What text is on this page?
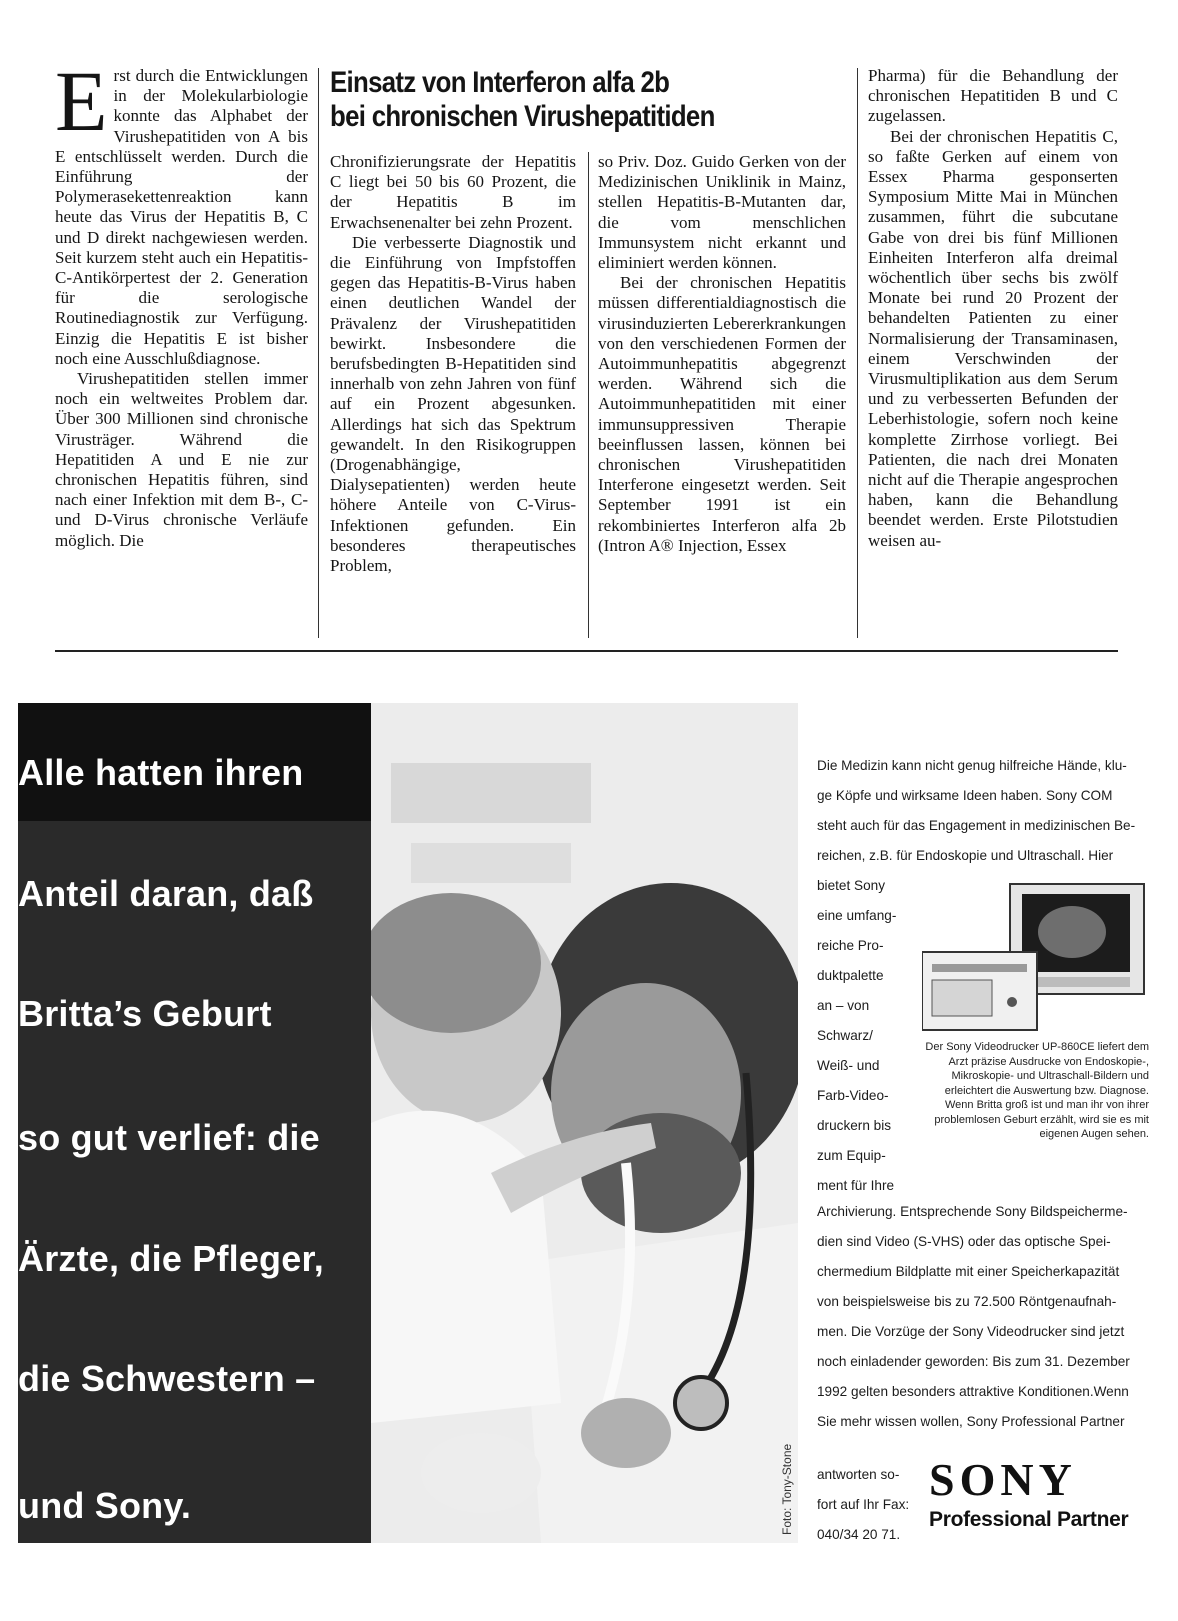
Erst durch die Entwicklungen in der Molekularbiologie konnte das Alphabet der Virushepatitiden von A bis E entschlüsselt werden. Durch die Einführung der Polymerasekettenreaktion kann heute das Virus der Hepatitis B, C und D direkt nachgewiesen werden. Seit kurzem steht auch ein Hepatitis-C-Antikörpertest der 2. Generation für die serologische Routinediagnostik zur Verfügung. Einzig die Hepatitis E ist bisher noch eine Ausschlußdiagnose.

Virushepatitiden stellen immer noch ein weltweites Problem dar. Über 300 Millionen sind chronische Virusträger. Während die Hepatitiden A und E nie zur chronischen Hepatitis führen, sind nach einer Infektion mit dem B-, C- und D-Virus chronische Verläufe möglich. Die

Einsatz von Interferon alfa 2b
bei chronischen Virushepatitiden

Chronifizierungsrate der Hepatitis C liegt bei 50 bis 60 Prozent, die der Hepatitis B im Erwachsenenalter bei zehn Prozent.

Die verbesserte Diagnostik und die Einführung von Impfstoffen gegen das Hepatitis-B-Virus haben einen deutlichen Wandel der Prävalenz der Virushepatitiden bewirkt. Insbesondere die berufsbedingten B-Hepatitiden sind innerhalb von zehn Jahren von fünf auf ein Prozent abgesunken. Allerdings hat sich das Spektrum gewandelt. In den Risikogruppen (Drogenabhängige, Dialysepatienten) werden heute höhere Anteile von C-Virus-Infektionen gefunden. Ein besonderes therapeutisches Problem,

so Priv. Doz. Guido Gerken von der Medizinischen Uniklinik in Mainz, stellen Hepatitis-B-Mutanten dar, die vom menschlichen Immunsystem nicht erkannt und eliminiert werden können.

Bei der chronischen Hepatitis müssen differentialdiagnostisch die virusinduzierten Lebererkrankungen von den verschiedenen Formen der Autoimmunhepatitis abgegrenzt werden. Während sich die Autoimmunhepatitiden mit einer immunsuppressiven Therapie beeinflussen lassen, können bei chronischen Virushepatitiden Interferone eingesetzt werden. Seit September 1991 ist ein rekombiniertes Interferon alfa 2b (Intron A® Injection, Essex

Pharma) für die Behandlung der chronischen Hepatitiden B und C zugelassen.

Bei der chronischen Hepatitis C, so faßte Gerken auf einem von Essex Pharma gesponserten Symposium Mitte Mai in München zusammen, führt die subcutane Gabe von drei bis fünf Millionen Einheiten Interferon alfa dreimal wöchentlich über sechs bis zwölf Monate bei rund 20 Prozent der behandelten Patienten zu einer Normalisierung der Transaminasen, einem Verschwinden der Virusmultiplikation aus dem Serum und zu verbesserten Befunden der Leberhistologie, sofern noch keine komplette Zirrhose vorliegt. Bei Patienten, die nach drei Monaten nicht auf die Therapie angesprochen haben, kann die Behandlung beendet werden. Erste Pilotstudien weisen au-

Alle hatten ihren
Anteil daran, daß
Britta’s Geburt
so gut verlief: die
Ärzte, die Pfleger,
die Schwestern –
und Sony.	Foto: Tony-Stone
Die Medizin kann nicht genug hilfreiche Hände, klu-
ge Köpfe und wirksame Ideen haben. Sony COM
steht auch für das Engagement in medizinischen Be-
reichen, z.B. für Endoskopie und Ultraschall. Hier
bietet Sony
eine umfang-
reiche Pro-
duktpalette
an – von
Schwarz/
Weiß- und
Farb-Video-
druckern bis
zum Equip-
ment für Ihre
Der Sony Videodrucker UP-860CE liefert dem Arzt präzise Ausdrucke von Endoskopie-, Mikroskopie- und Ultraschall-Bildern und erleichtert die Auswertung bzw. Diagnose. Wenn Britta groß ist und man ihr von ihrer problemlosen Geburt erzählt, wird sie es mit eigenen Augen sehen.
Archivierung. Entsprechende Sony Bildspeicherme-
dien sind Video (S-VHS) oder das optische Spei-
chermedium Bildplatte mit einer Speicherkapazität
von beispielsweise bis zu 72.500 Röntgenaufnah-
men. Die Vorzüge der Sony Videodrucker sind jetzt
noch einladender geworden: Bis zum 31. Dezember
1992 gelten besonders attraktive Konditionen.Wenn
Sie mehr wissen wollen, Sony Professional Partner
antworten so-
fort auf Ihr Fax:
040/34 20 71.
SONY
Professional Partner
